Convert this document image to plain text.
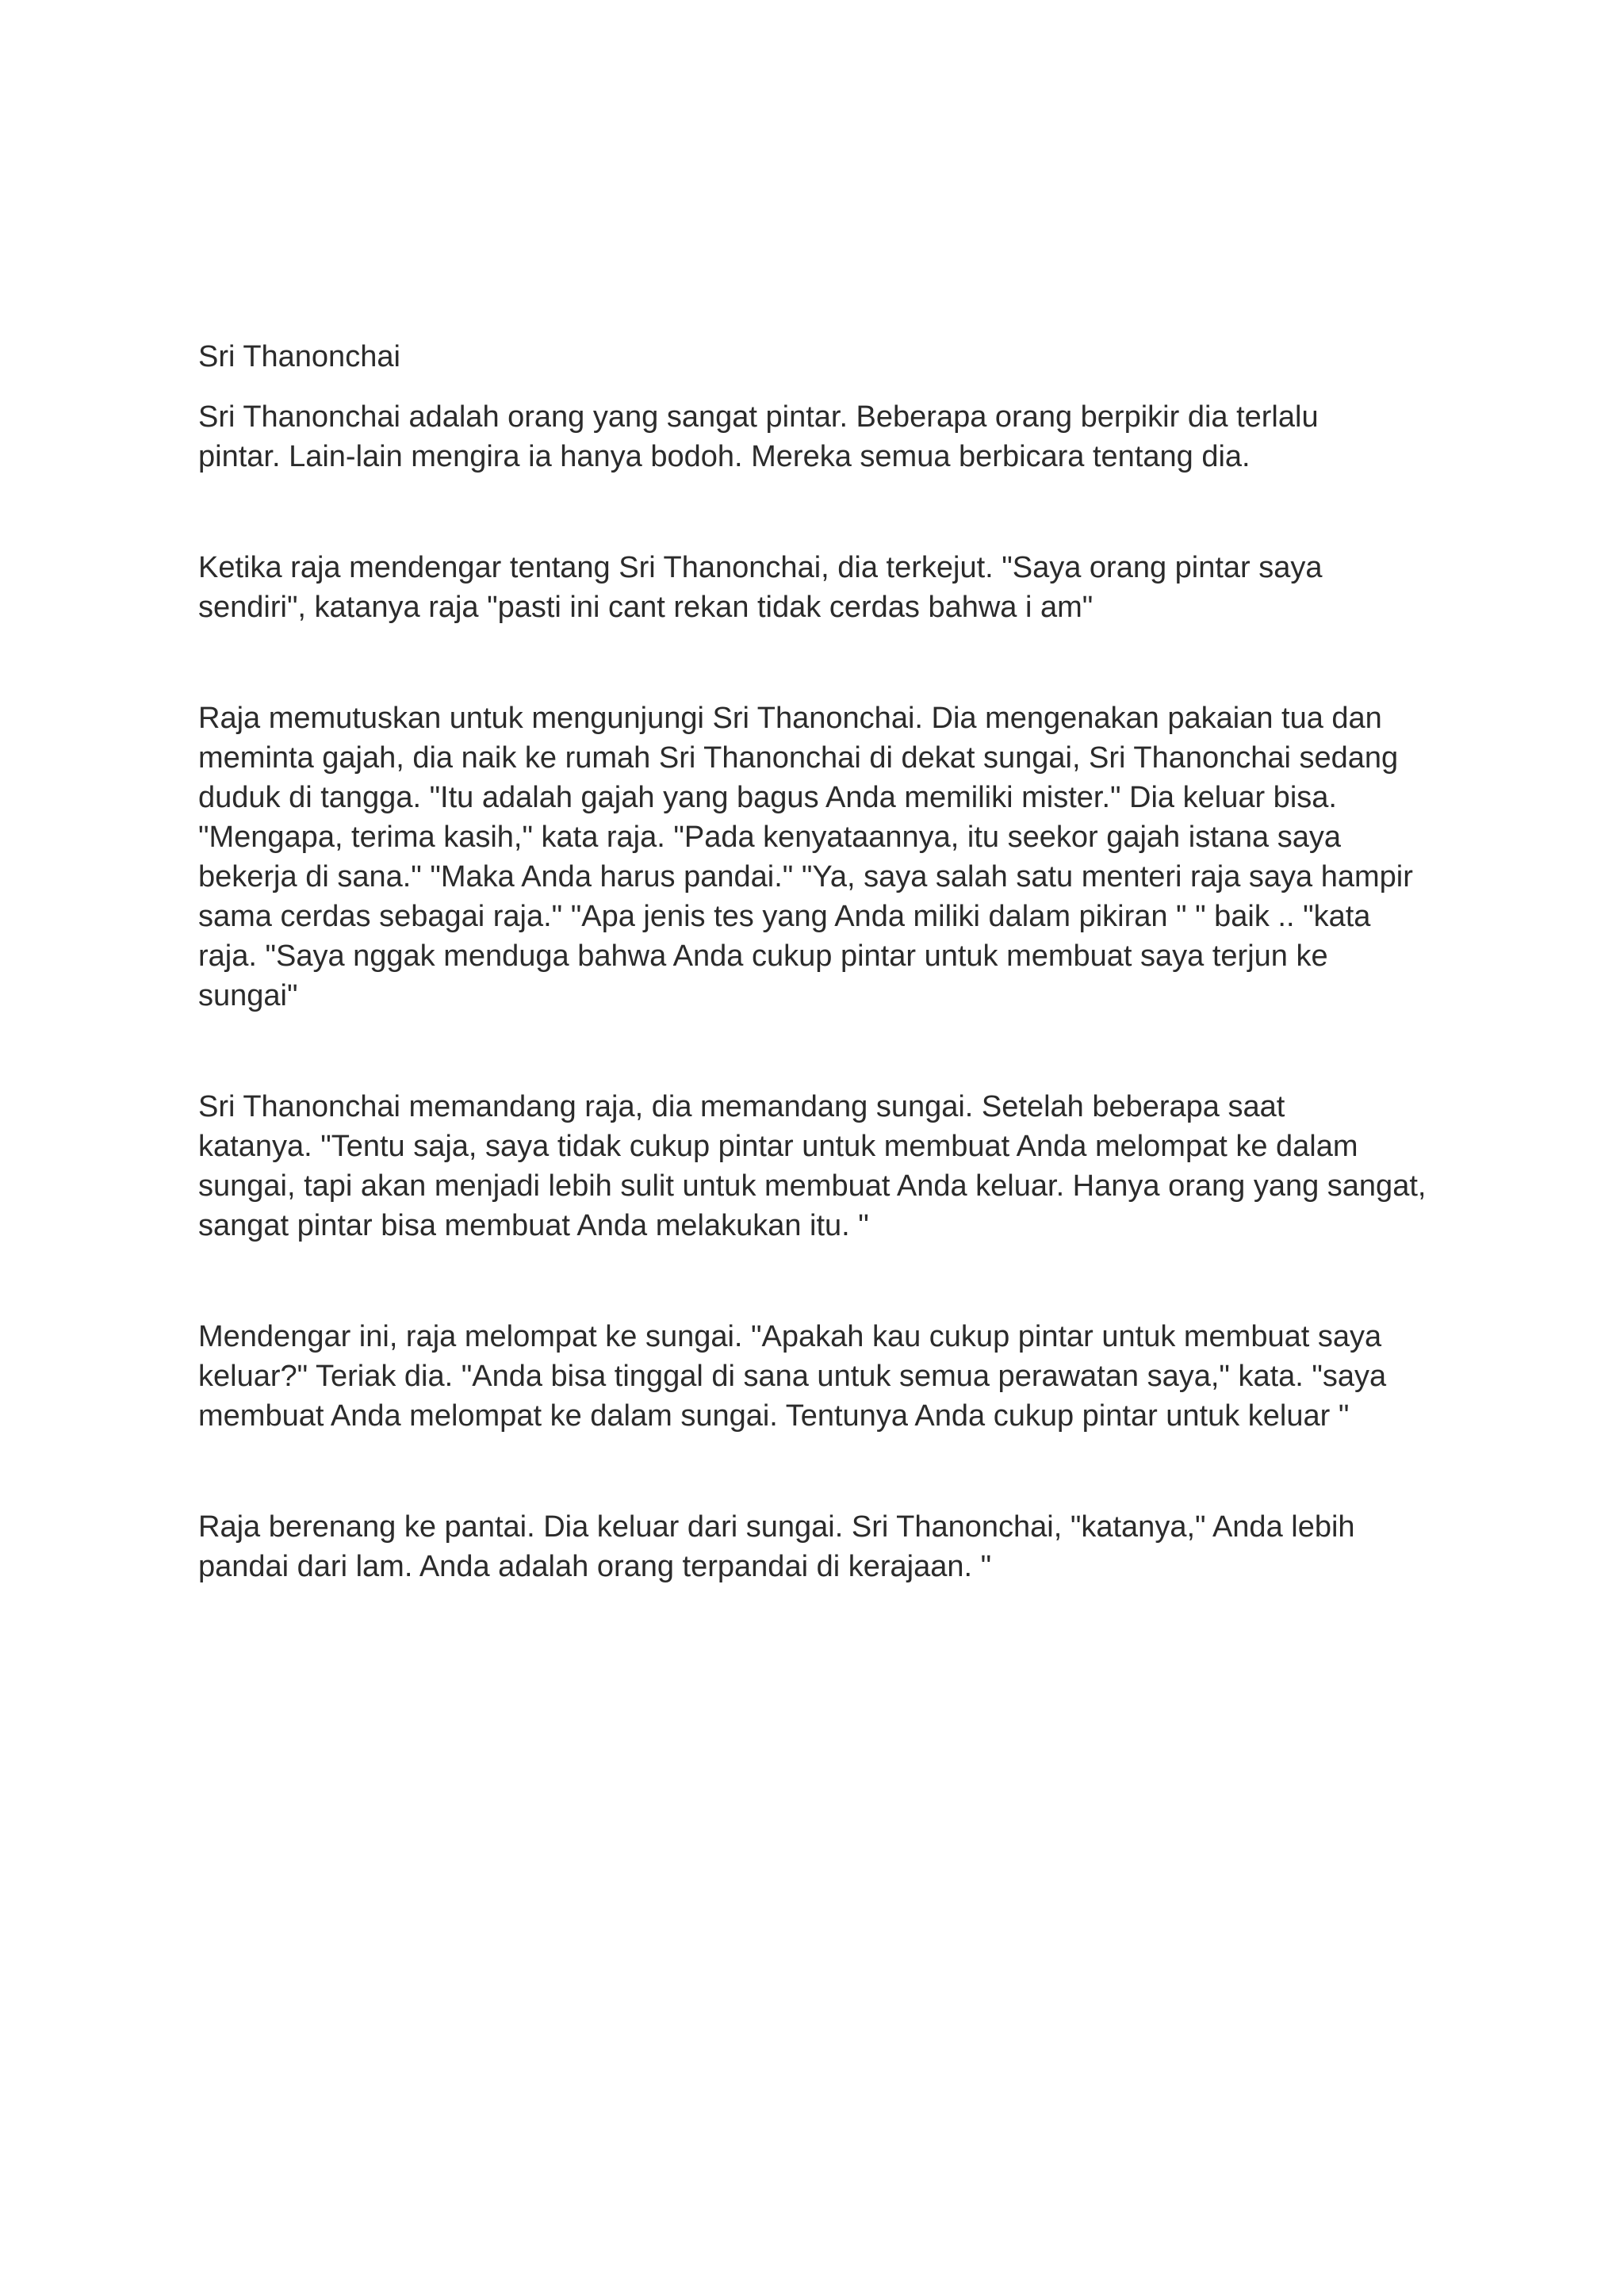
Sri Thanonchai

Sri Thanonchai adalah orang yang sangat pintar. Beberapa orang berpikir dia terlalu
pintar. Lain-lain mengira ia hanya bodoh. Mereka semua berbicara tentang dia.

Ketika raja mendengar tentang Sri Thanonchai, dia terkejut. "Saya orang pintar saya
sendiri", katanya raja "pasti ini cant rekan tidak cerdas bahwa i am"

Raja memutuskan untuk mengunjungi Sri Thanonchai. Dia mengenakan pakaian tua dan
meminta gajah, dia naik ke rumah Sri Thanonchai di dekat sungai, Sri Thanonchai sedang
duduk di tangga. "Itu adalah gajah yang bagus Anda memiliki mister." Dia keluar bisa.
"Mengapa, terima kasih," kata raja. "Pada kenyataannya, itu seekor gajah istana saya
bekerja di sana." "Maka Anda harus pandai." "Ya, saya salah satu menteri raja saya hampir
sama cerdas sebagai raja." "Apa jenis tes yang Anda miliki dalam pikiran " " baik .. "kata
raja. "Saya nggak menduga bahwa Anda cukup pintar untuk membuat saya terjun ke
sungai"

Sri Thanonchai memandang raja, dia memandang sungai. Setelah beberapa saat
katanya. "Tentu saja, saya tidak cukup pintar untuk membuat Anda melompat ke dalam
sungai, tapi akan menjadi lebih sulit untuk membuat Anda keluar. Hanya orang yang sangat,
sangat pintar bisa membuat Anda melakukan itu. "

Mendengar ini, raja melompat ke sungai. "Apakah kau cukup pintar untuk membuat saya
keluar?" Teriak dia. "Anda bisa tinggal di sana untuk semua perawatan saya," kata. "saya
membuat Anda melompat ke dalam sungai. Tentunya Anda cukup pintar untuk keluar "

Raja berenang ke pantai. Dia keluar dari sungai. Sri Thanonchai, "katanya," Anda lebih
pandai dari lam. Anda adalah orang terpandai di kerajaan. "
